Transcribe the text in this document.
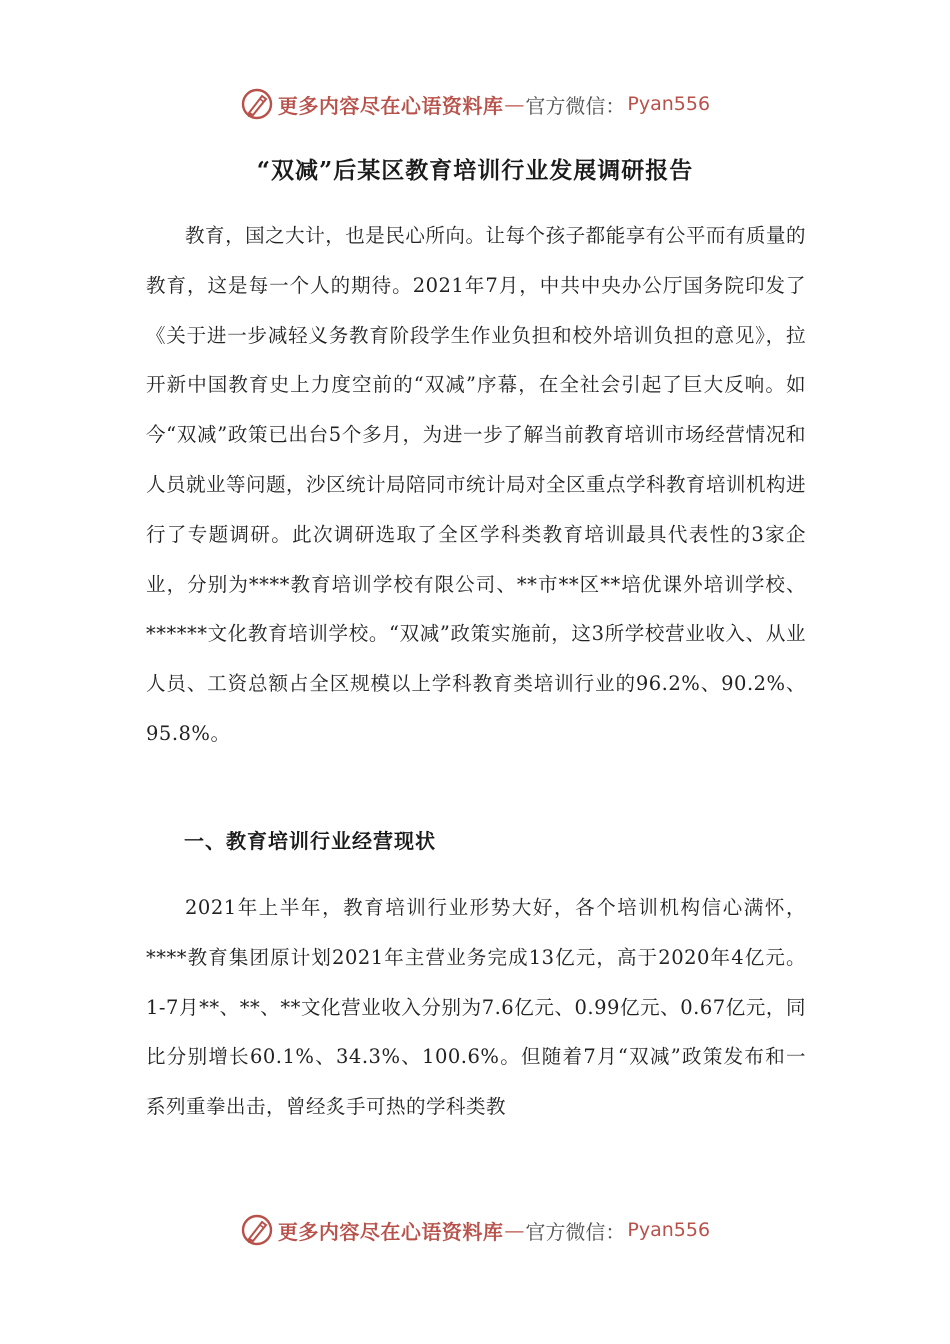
更多内容尽在心语资料库 — 官方微信： Pyan556
“双减”后某区教育培训行业发展调研报告

教育，国之大计，也是民心所向。让每个孩子都能享有公平而有质量的教育，这是每一个人的期待。2021年7月，中共中央办公厅国务院印发了《关于进一步减轻义务教育阶段学生作业负担和校外培训负担的意见》，拉开新中国教育史上力度空前的“双减”序幕，在全社会引起了巨大反响。如今“双减”政策已出台5个多月，为进一步了解当前教育培训市场经营情况和人员就业等问题，沙区统计局陪同市统计局对全区重点学科教育培训机构进行了专题调研。此次调研选取了全区学科类教育培训最具代表性的3家企业，分别为****教育培训学校有限公司、**市**区**培优课外培训学校、******文化教育培训学校。“双减”政策实施前，这3所学校营业收入、从业人员、工资总额占全区规模以上学科教育类培训行业的96.2%、90.2%、95.8%。

一、教育培训行业经营现状

2021年上半年，教育培训行业形势大好，各个培训机构信心满怀，****教育集团原计划2021年主营业务完成13亿元，高于2020年4亿元。1-7月**、**、**文化营业收入分别为7.6亿元、0.99亿元、0.67亿元，同比分别增长60.1%、34.3%、100.6%。但随着7月“双减”政策发布和一系列重拳出击，曾经炙手可热的学科类教

更多内容尽在心语资料库 — 官方微信： Pyan556
